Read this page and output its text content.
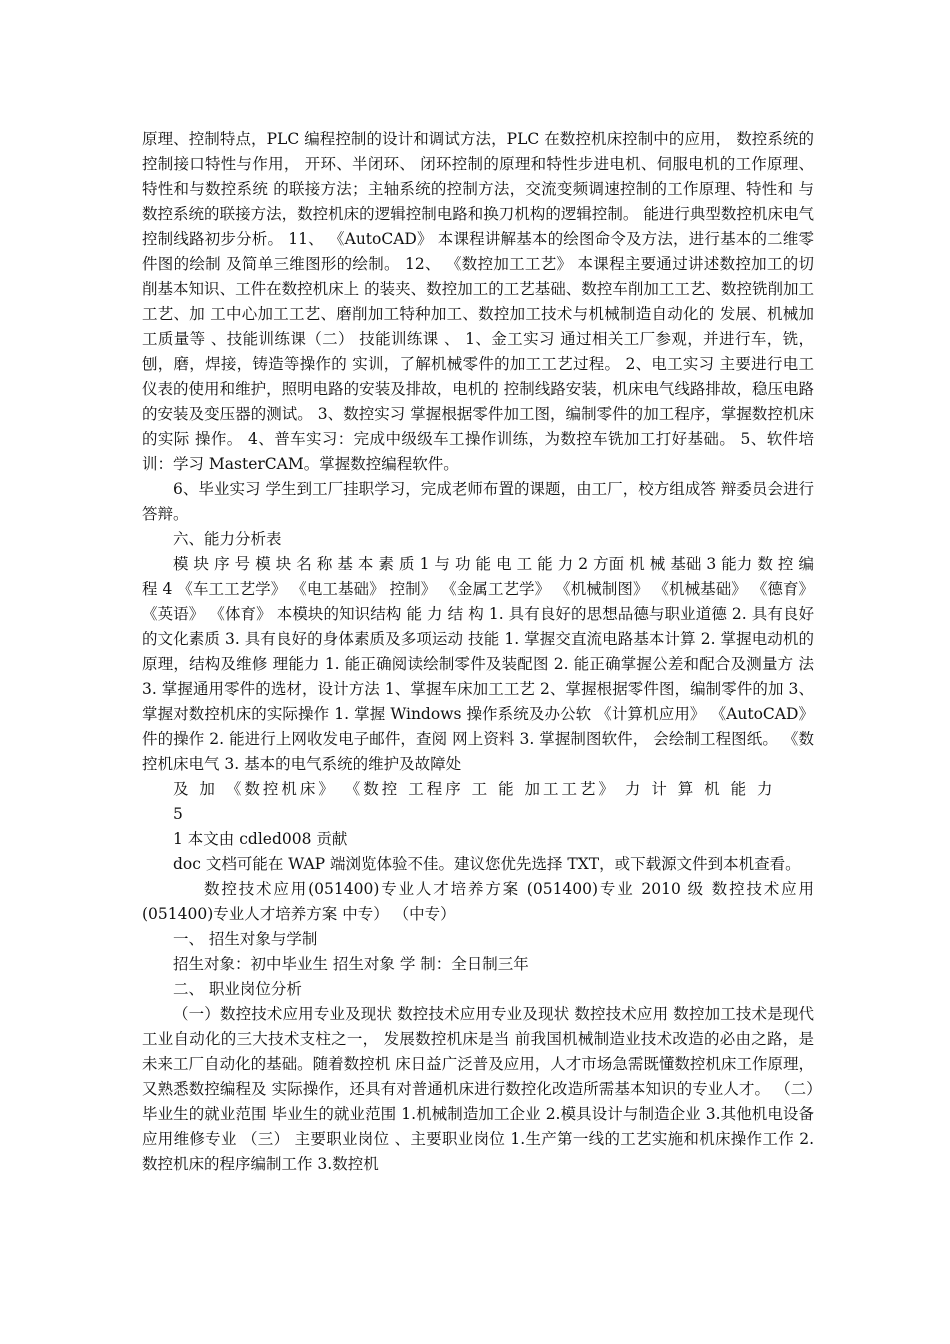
原理、控制特点，PLC 编程控制的设计和调试方法，PLC 在数控机床控制中的应用， 数控系统的控制接口特性与作用， 开环、半闭环、 闭环控制的原理和特性步进电机、伺服电机的工作原理、特性和与数控系统 的联接方法；主轴系统的控制方法，交流变频调速控制的工作原理、特性和 与数控系统的联接方法，数控机床的逻辑控制电路和换刀机构的逻辑控制。 能进行典型数控机床电气控制线路初步分析。 11、 《AutoCAD》 本课程讲解基本的绘图命令及方法，进行基本的二维零件图的绘制 及简单三维图形的绘制。 12、 《数控加工工艺》 本课程主要通过讲述数控加工的切削基本知识、工件在数控机床上 的装夹、数控加工的工艺基础、数控车削加工工艺、数控铣削加工工艺、加 工中心加工工艺、磨削加工特种加工、数控加工技术与机械制造自动化的 发展、机械加工质量等 、技能训练课（二） 技能训练课 、 1、金工实习 通过相关工厂参观，并进行车，铣，刨，磨，焊接，铸造等操作的 实训，了解机械零件的加工工艺过程。 2、电工实习 主要进行电工仪表的使用和维护，照明电路的安装及排故，电机的 控制线路安装，机床电气线路排故，稳压电路的安装及变压器的测试。 3、数控实习 掌握根据零件加工图，编制零件的加工程序，掌握数控机床的实际 操作。 4、普车实习：完成中级级车工操作训练，为数控车铣加工打好基础。 5、软件培训：学习 MasterCAM。掌握数控编程软件。

6、毕业实习 学生到工厂挂职学习，完成老师布置的课题，由工厂，校方组成答 辩委员会进行答辩。

六、能力分析表

模 块 序 号 模 块 名 称 基 本 素 质 1 与 功 能 电 工 能 力 2 方面 机 械 基础 3 能力 数 控 编 程 4 《车工工艺学》 《电工基础》 控制》 《金属工艺学》 《机械制图》 《机械基础》 《德育》 《英语》 《体育》 本模块的知识结构 能 力 结 构 1. 具有良好的思想品德与职业道德 2. 具有良好的文化素质 3. 具有良好的身体素质及多项运动 技能 1. 掌握交直流电路基本计算 2. 掌握电动机的原理，结构及维修 理能力 1. 能正确阅读绘制零件及装配图 2. 能正确掌握公差和配合及测量方 法 3. 掌握通用零件的选材，设计方法 1、掌握车床加工工艺 2、掌握根据零件图，编制零件的加 3、掌握对数控机床的实际操作 1. 掌握 Windows 操作系统及办公软 《计算机应用》 《AutoCAD》 件的操作 2. 能进行上网收发电子邮件，查阅 网上资料 3. 掌握制图软件， 会绘制工程图纸。 《数控机床电气 3. 基本的电气系统的维护及故障处

及 加 《数控机床》 《数控 工程序 工 能 加工工艺》 力 计 算 机 能 力

5

1 本文由 cdled008 贡献

doc 文档可能在 WAP 端浏览体验不佳。建议您优先选择 TXT，或下载源文件到本机查看。

数控技术应用(051400)专业人才培养方案 (051400)专业 2010 级 数控技术应用(051400)专业人才培养方案 中专） （中专）

一、 招生对象与学制

招生对象：初中毕业生 招生对象 学 制：全日制三年

二、 职业岗位分析

（一）数控技术应用专业及现状 数控技术应用专业及现状 数控技术应用 数控加工技术是现代工业自动化的三大技术支柱之一， 发展数控机床是当 前我国机械制造业技术改造的必由之路，是未来工厂自动化的基础。随着数控机 床日益广泛普及应用，人才市场急需既懂数控机床工作原理，又熟悉数控编程及 实际操作，还具有对普通机床进行数控化改造所需基本知识的专业人才。 （二）毕业生的就业范围 毕业生的就业范围 1.机械制造加工企业 2.模具设计与制造企业 3.其他机电设备应用维修专业 （三） 主要职业岗位 、主要职业岗位 1.生产第一线的工艺实施和机床操作工作 2.数控机床的程序编制工作 3.数控机
